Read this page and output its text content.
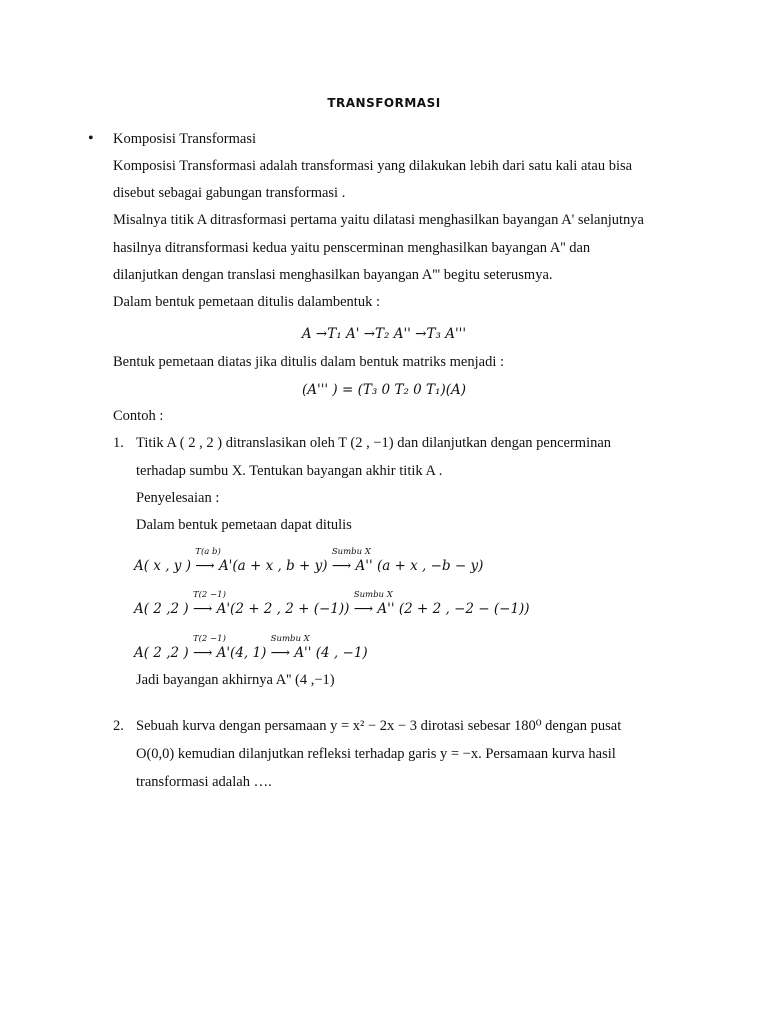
TRANSFORMASI
• Komposisi Transformasi
Komposisi Transformasi adalah transformasi yang dilakukan lebih dari satu kali atau bisa
disebut sebagai gabungan transformasi .
Misalnya titik A ditrasformasi pertama yaitu dilatasi menghasilkan bayangan A' selanjutnya
hasilnya ditransformasi kedua yaitu penscerminan menghasilkan bayangan A'' dan
dilanjutkan dengan translasi menghasilkan bayangan A''' begitu seterusmya.
Dalam bentuk pemetaan ditulis dalambentuk :
A →T₁ A' →T₂ A'' →T₃ A'''
Bentuk pemetaan diatas jika ditulis dalam bentuk matriks menjadi :
(A''' ) = (T₃ 0 T₂ 0 T₁)(A)
Contoh :
1. Titik A ( 2 , 2 ) ditranslasikan oleh T (2 , −1) dan dilanjutkan dengan pencerminan
terhadap sumbu X. Tentukan bayangan akhir titik A .
Penyelesaian :
Dalam bentuk pemetaan dapat ditulis
A( x , y )
T(a b)
⟶ A'(a + x , b + y)
Sumbu X
⟶ A'' (a + x , −b − y)
A( 2 ,2 )
T(2 −1)
⟶ A'(2 + 2 , 2 + (−1))
Sumbu X
⟶ A'' (2 + 2 , −2 − (−1))
A( 2 ,2 )
T(2 −1)
⟶ A'(4, 1)
Sumbu X
⟶ A'' (4 , −1)
Jadi bayangan akhirnya A'' (4 ,−1)
2. Sebuah kurva dengan persamaan y = x² − 2x − 3 dirotasi sebesar 180⁰ dengan pusat
O(0,0) kemudian dilanjutkan refleksi terhadap garis y = −x. Persamaan kurva hasil
transformasi adalah ….
